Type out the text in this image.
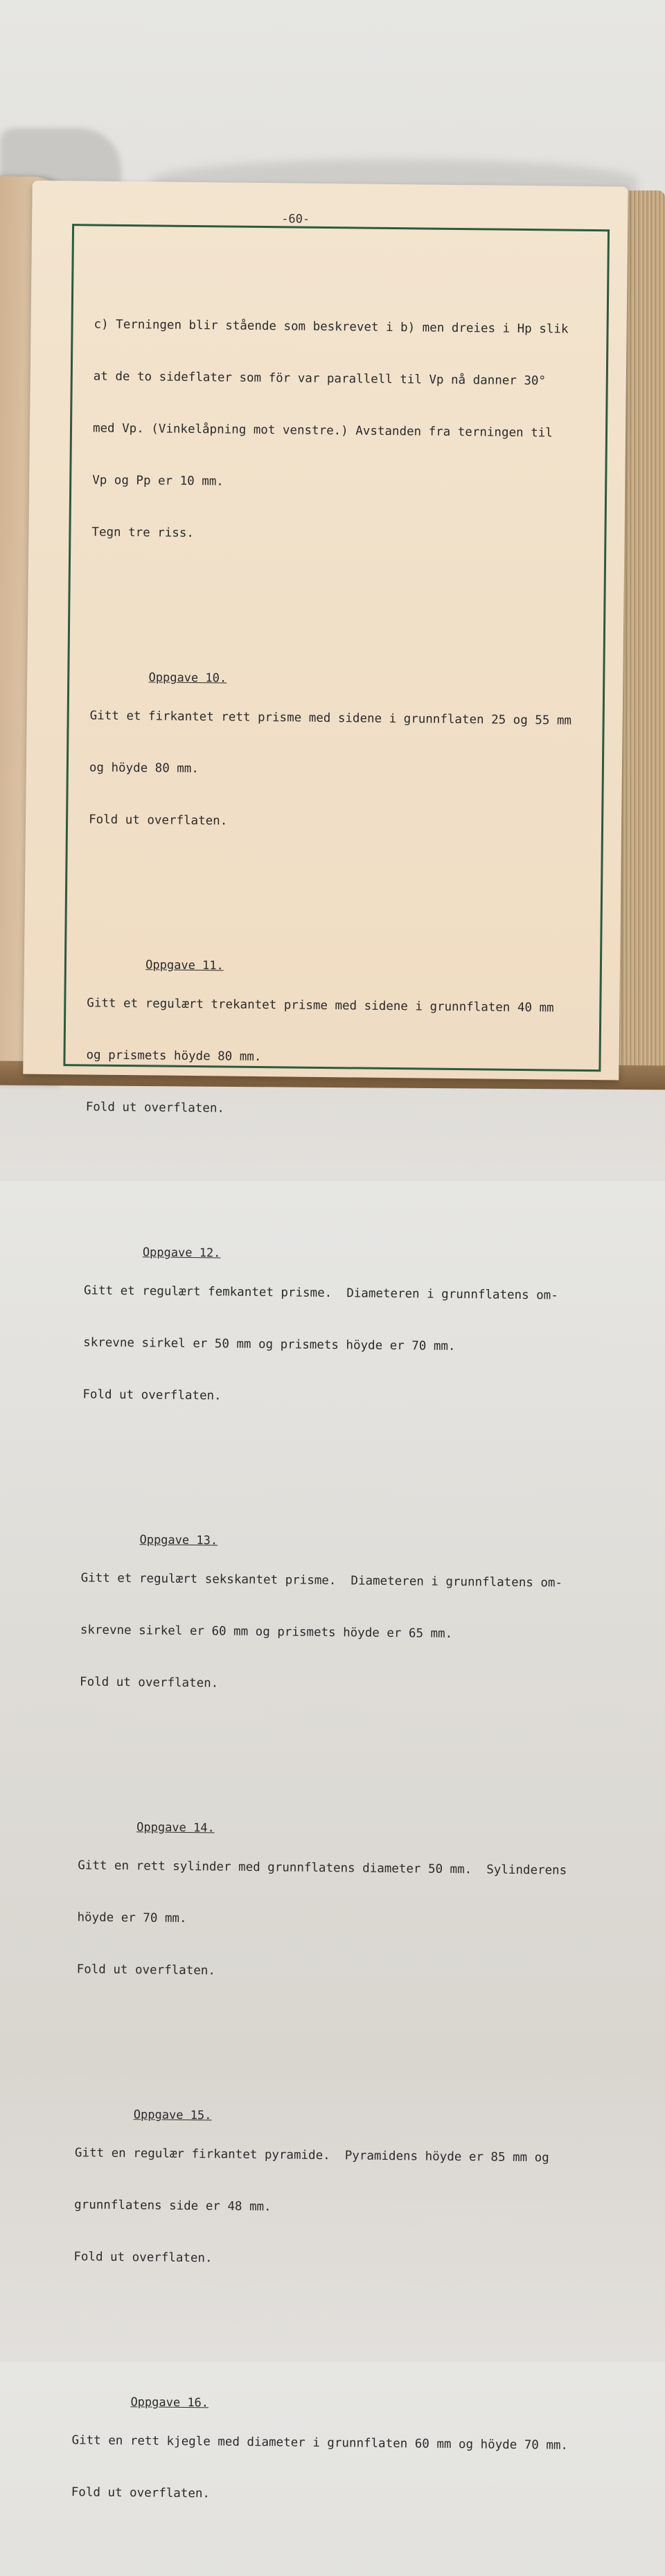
-60-

c) Terningen blir stående som beskrevet i b) men dreies i Hp slik

at de to sideflater som för var parallell til Vp nå danner 30°

med Vp. (Vinkelåpning mot venstre.) Avstanden fra terningen til

Vp og Pp er 10 mm.

Tegn tre riss.

Oppgave 10.

Gitt et firkantet rett prisme med sidene i grunnflaten 25 og 55 mm

og höyde 80 mm.

Fold ut overflaten.

Oppgave 11.

Gitt et regulært trekantet prisme med sidene i grunnflaten 40 mm

og prismets höyde 80 mm.

Fold ut overflaten.

Oppgave 12.

Gitt et regulært femkantet prisme.  Diameteren i grunnflatens om-

skrevne sirkel er 50 mm og prismets höyde er 70 mm.

Fold ut overflaten.

Oppgave 13.

Gitt et regulært sekskantet prisme.  Diameteren i grunnflatens om-

skrevne sirkel er 60 mm og prismets höyde er 65 mm.

Fold ut overflaten.

Oppgave 14.

Gitt en rett sylinder med grunnflatens diameter 50 mm.  Sylinderens

höyde er 70 mm.

Fold ut overflaten.

Oppgave 15.

Gitt en regulær firkantet pyramide.  Pyramidens höyde er 85 mm og

grunnflatens side er 48 mm.

Fold ut overflaten.

Oppgave 16.

Gitt en rett kjegle med diameter i grunnflaten 60 mm og höyde 70 mm.

Fold ut overflaten.
